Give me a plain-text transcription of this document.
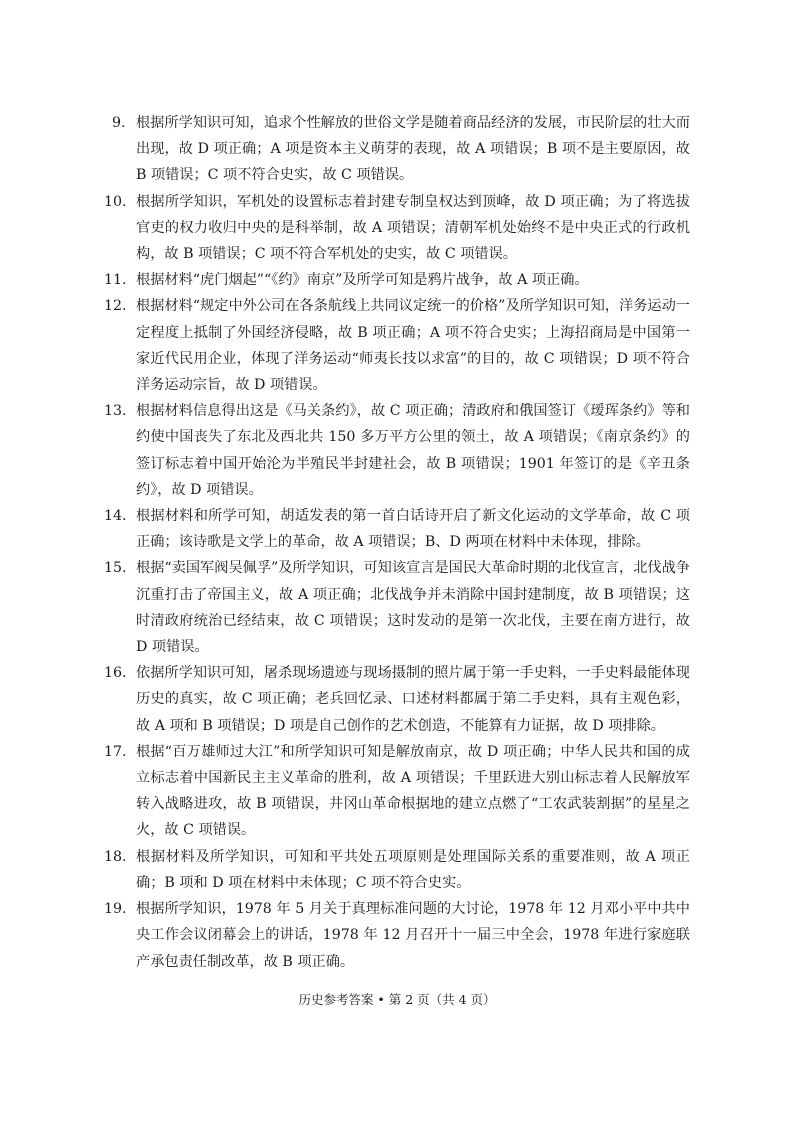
9. 根据所学知识可知，追求个性解放的世俗文学是随着商品经济的发展，市民阶层的壮大而出现，故 D 项正确；A 项是资本主义萌芽的表现，故 A 项错误；B 项不是主要原因，故 B 项错误；C 项不符合史实，故 C 项错误。
10. 根据所学知识，军机处的设置标志着封建专制皇权达到顶峰，故 D 项正确；为了将选拔官吏的权力收归中央的是科举制，故 A 项错误；清朝军机处始终不是中央正式的行政机构，故 B 项错误；C 项不符合军机处的史实，故 C 项错误。
11. 根据材料“虎门烟起”“《约》南京”及所学可知是鸦片战争，故 A 项正确。
12. 根据材料“规定中外公司在各条航线上共同议定统一的价格”及所学知识可知，洋务运动一定程度上抵制了外国经济侵略，故 B 项正确；A 项不符合史实；上海招商局是中国第一家近代民用企业，体现了洋务运动“师夷长技以求富”的目的，故 C 项错误；D 项不符合洋务运动宗旨，故 D 项错误。
13. 根据材料信息得出这是《马关条约》，故 C 项正确；清政府和俄国签订《瑷珲条约》等和约使中国丧失了东北及西北共 150 多万平方公里的领土，故 A 项错误；《南京条约》的签订标志着中国开始沦为半殖民半封建社会，故 B 项错误；1901 年签订的是《辛丑条约》，故 D 项错误。
14. 根据材料和所学可知，胡适发表的第一首白话诗开启了新文化运动的文学革命，故 C 项正确；该诗歌是文学上的革命，故 A 项错误；B、D 两项在材料中未体现，排除。
15. 根据“卖国军阀吴佩孚”及所学知识，可知该宣言是国民大革命时期的北伐宣言，北伐战争 沉重打击了帝国主义，故 A 项正确；北伐战争并未消除中国封建制度，故 B 项错误；这时清政府统治已经结束，故 C 项错误；这时发动的是第一次北伐，主要在南方进行，故 D 项错误。
16. 依据所学知识可知，屠杀现场遗迹与现场摄制的照片属于第一手史料，一手史料最能体现历史的真实，故 C 项正确；老兵回忆录、口述材料都属于第二手史料，具有主观色彩，故 A 项和 B 项错误；D 项是自己创作的艺术创造，不能算有力证据，故 D 项排除。
17. 根据“百万雄师过大江”和所学知识可知是解放南京，故 D 项正确；中华人民共和国的成立标志着中国新民主主义革命的胜利，故 A 项错误；千里跃进大别山标志着人民解放军转入战略进攻，故 B 项错误，井冈山革命根据地的建立点燃了“工农武装割据”的星星之火，故 C 项错误。
18. 根据材料及所学知识，可知和平共处五项原则是处理国际关系的重要准则，故 A 项正确；B 项和 D 项在材料中未体现；C 项不符合史实。
19. 根据所学知识，1978 年 5 月关于真理标准问题的大讨论，1978 年 12 月邓小平中共中央工作会议闭幕会上的讲话，1978 年 12 月召开十一届三中全会，1978 年进行家庭联产承包责任制改革，故 B 项正确。
历史参考答案 • 第 2 页（共 4 页）
